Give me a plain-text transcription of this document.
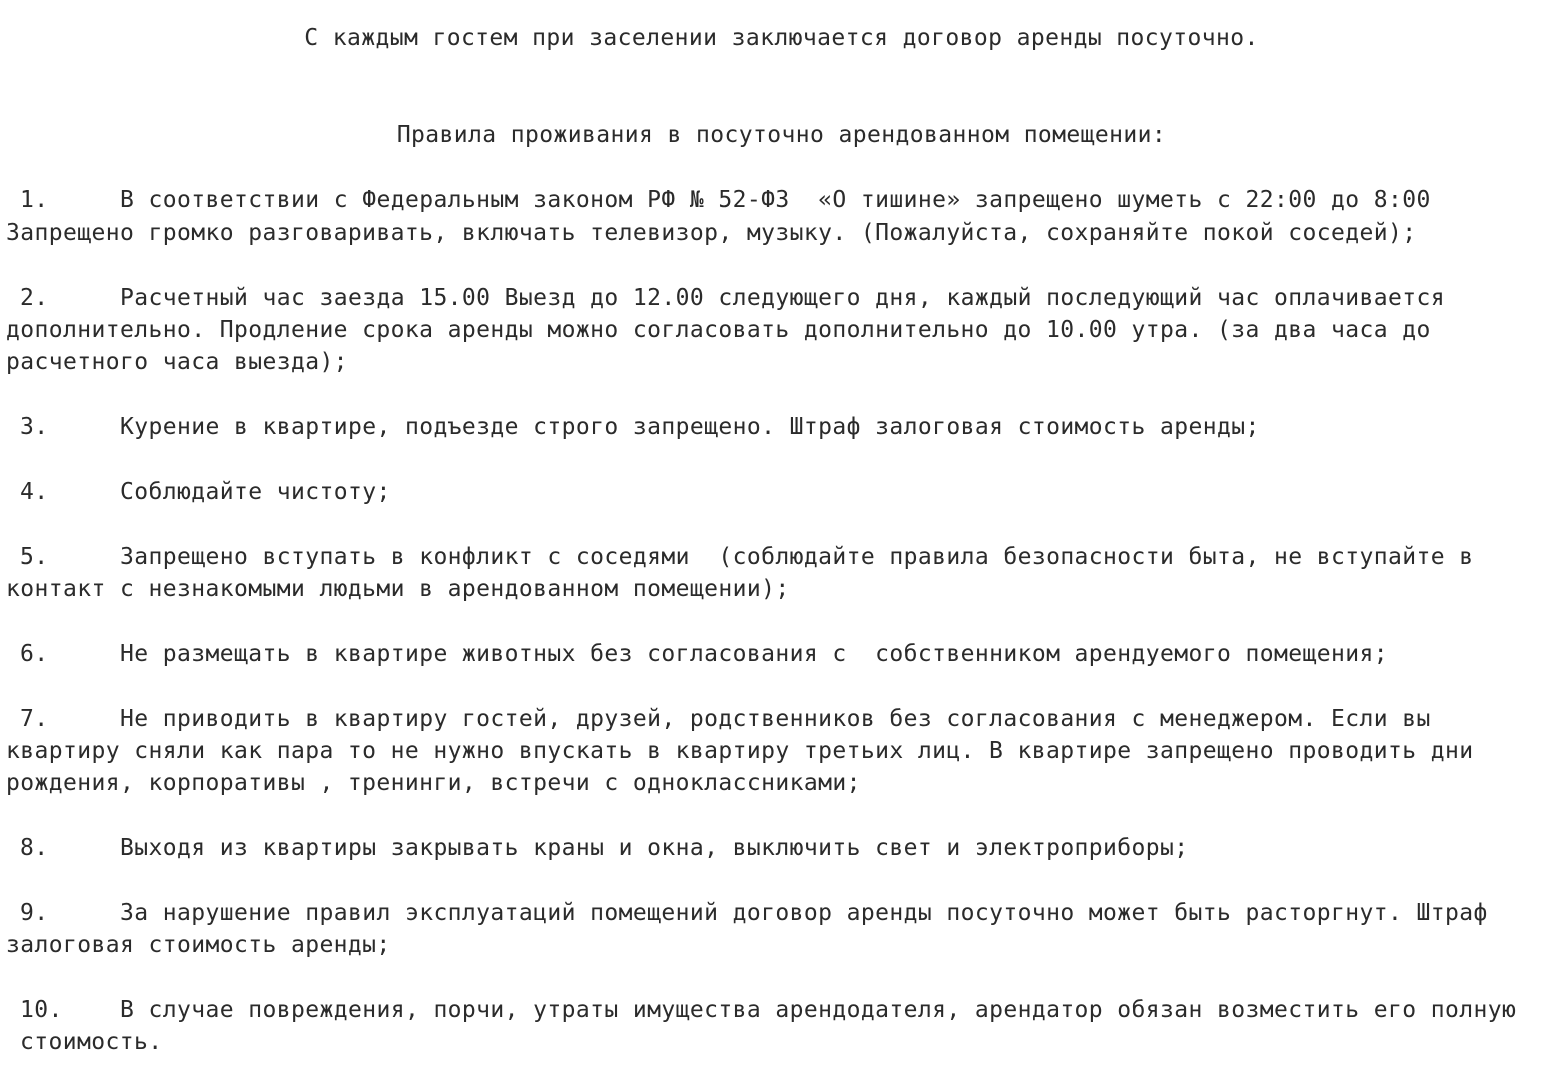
С каждым гостем при заселении заключается договор аренды посуточно.
Правила проживания в посуточно арендованном помещении:
1.	В соответствии с Федеральным законом РФ № 52-ФЗ  «О тишине» запрещено шуметь с 22:00 до 8:00
Запрещено громко разговаривать, включать телевизор, музыку. (Пожалуйста, сохраняйте покой соседей);
2.	Расчетный час заезда 15.00 Выезд до 12.00 следующего дня, каждый последующий час оплачивается
дополнительно. Продление срока аренды можно согласовать дополнительно до 10.00 утра. (за два часа до
расчетного часа выезда);
3.	Курение в квартире, подъезде строго запрещено. Штраф залоговая стоимость аренды;
4.	Соблюдайте чистоту;
5.	Запрещено вступать в конфликт с соседями  (соблюдайте правила безопасности быта, не вступайте в
контакт с незнакомыми людьми в арендованном помещении);
6.	Не размещать в квартире животных без согласования с  собственником арендуемого помещения;
7.	Не приводить в квартиру гостей, друзей, родственников без согласования с менеджером. Если вы
квартиру сняли как пара то не нужно впускать в квартиру третьих лиц. В квартире запрещено проводить дни
рождения, корпоративы , тренинги, встречи с одноклассниками;
8.	Выходя из квартиры закрывать краны и окна, выключить свет и электроприборы;
9.	За нарушение правил эксплуатаций помещений договор аренды посуточно может быть расторгнут. Штраф
залоговая стоимость аренды;
10. В случае повреждения, порчи, утраты имущества арендодателя, арендатор обязан возместить его полную
стоимость.
